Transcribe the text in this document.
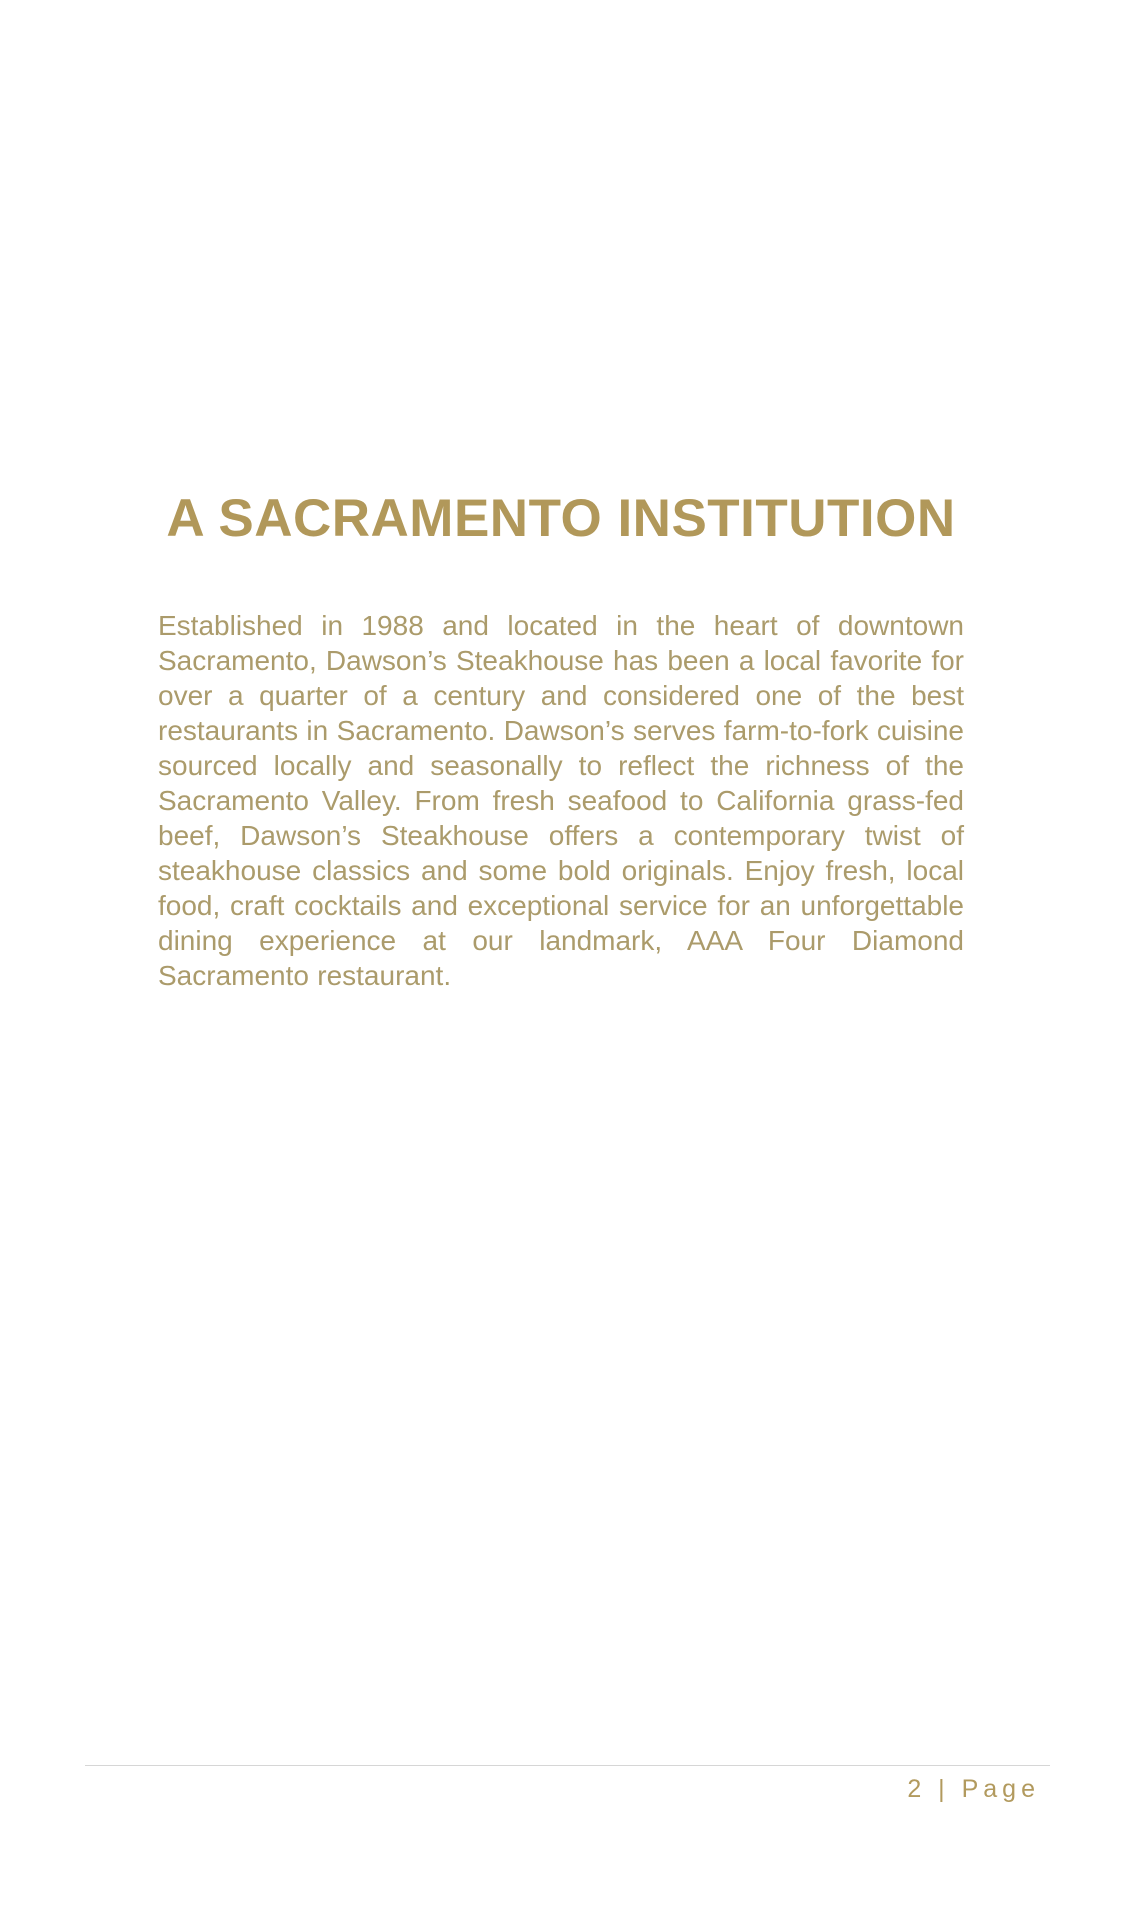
A SACRAMENTO INSTITUTION

Established in 1988 and located in the heart of downtown Sacramento, Dawson’s Steakhouse has been a local favorite for over a quarter of a century and considered one of the best restaurants in Sacramento. Dawson’s serves farm-to-fork cuisine sourced locally and seasonally to reflect the richness of the Sacramento Valley. From fresh seafood to California grass-fed beef, Dawson’s Steakhouse offers a contemporary twist of steakhouse classics and some bold originals. Enjoy fresh, local food, craft cocktails and exceptional service for an unforgettable dining experience at our landmark, AAA Four Diamond Sacramento restaurant.

2 | Page
